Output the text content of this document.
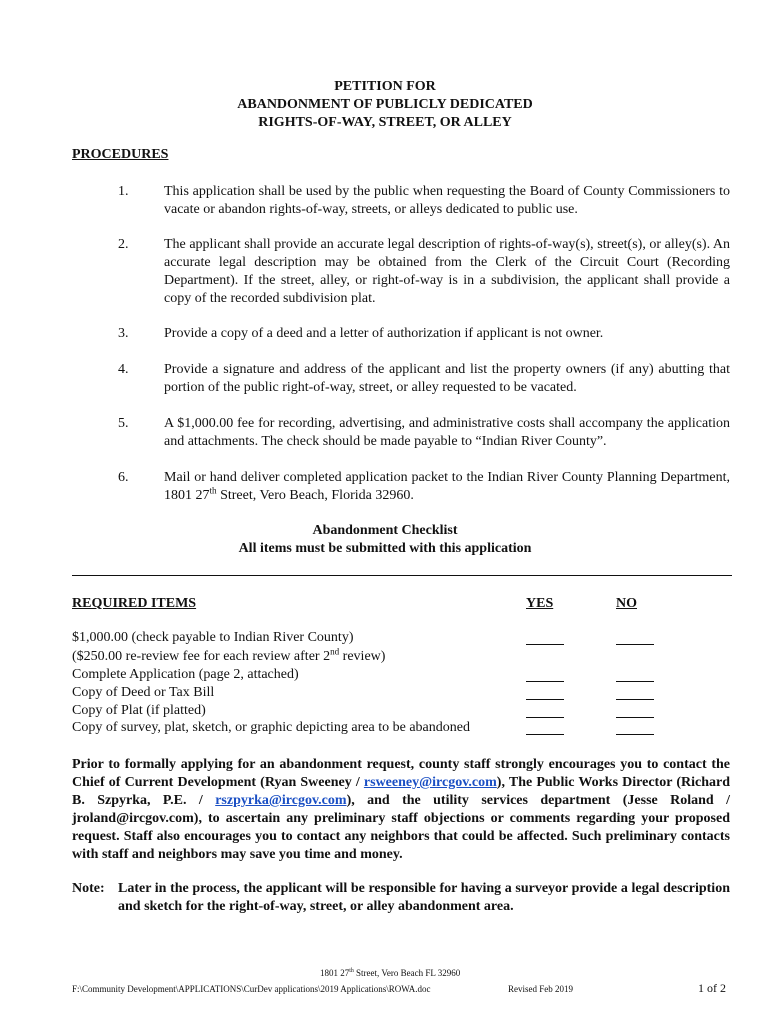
PETITION FOR
ABANDONMENT OF PUBLICLY DEDICATED
RIGHTS-OF-WAY, STREET, OR ALLEY
PROCEDURES
1.	This application shall be used by the public when requesting the Board of County Commissioners to vacate or abandon rights-of-way, streets, or alleys dedicated to public use.
2.	The applicant shall provide an accurate legal description of rights-of-way(s), street(s), or alley(s). An accurate legal description may be obtained from the Clerk of the Circuit Court (Recording Department). If the street, alley, or right-of-way is in a subdivision, the applicant shall provide a copy of the recorded subdivision plat.
3.	Provide a copy of a deed and a letter of authorization if applicant is not owner.
4.	Provide a signature and address of the applicant and list the property owners (if any) abutting that portion of the public right-of-way, street, or alley requested to be vacated.
5.	A $1,000.00 fee for recording, advertising, and administrative costs shall accompany the application and attachments. The check should be made payable to “Indian River County”.
6.	Mail or hand deliver completed application packet to the Indian River County Planning Department, 1801 27th Street, Vero Beach, Florida 32960.
Abandonment Checklist
All items must be submitted with this application
REQUIRED ITEMS	YES	NO
$1,000.00 (check payable to Indian River County)
($250.00 re-review fee for each review after 2nd review)
Complete Application (page 2, attached)
Copy of Deed or Tax Bill
Copy of Plat (if platted)
Copy of survey, plat, sketch, or graphic depicting area to be abandoned
Prior to formally applying for an abandonment request, county staff strongly encourages you to contact the Chief of Current Development (Ryan Sweeney / rsweeney@ircgov.com), The Public Works Director (Richard B. Szpyrka, P.E. / rszpyrka@ircgov.com), and the utility services department (Jesse Roland / jroland@ircgov.com), to ascertain any preliminary staff objections or comments regarding your proposed request. Staff also encourages you to contact any neighbors that could be affected. Such preliminary contacts with staff and neighbors may save you time and money.
Note: Later in the process, the applicant will be responsible for having a surveyor provide a legal description and sketch for the right-of-way, street, or alley abandonment area.
1801 27th Street, Vero Beach FL 32960
F:\Community Development\APPLICATIONS\CurDev applications\2019 Applications\ROWA.doc	Revised Feb 2019	1 of 2
